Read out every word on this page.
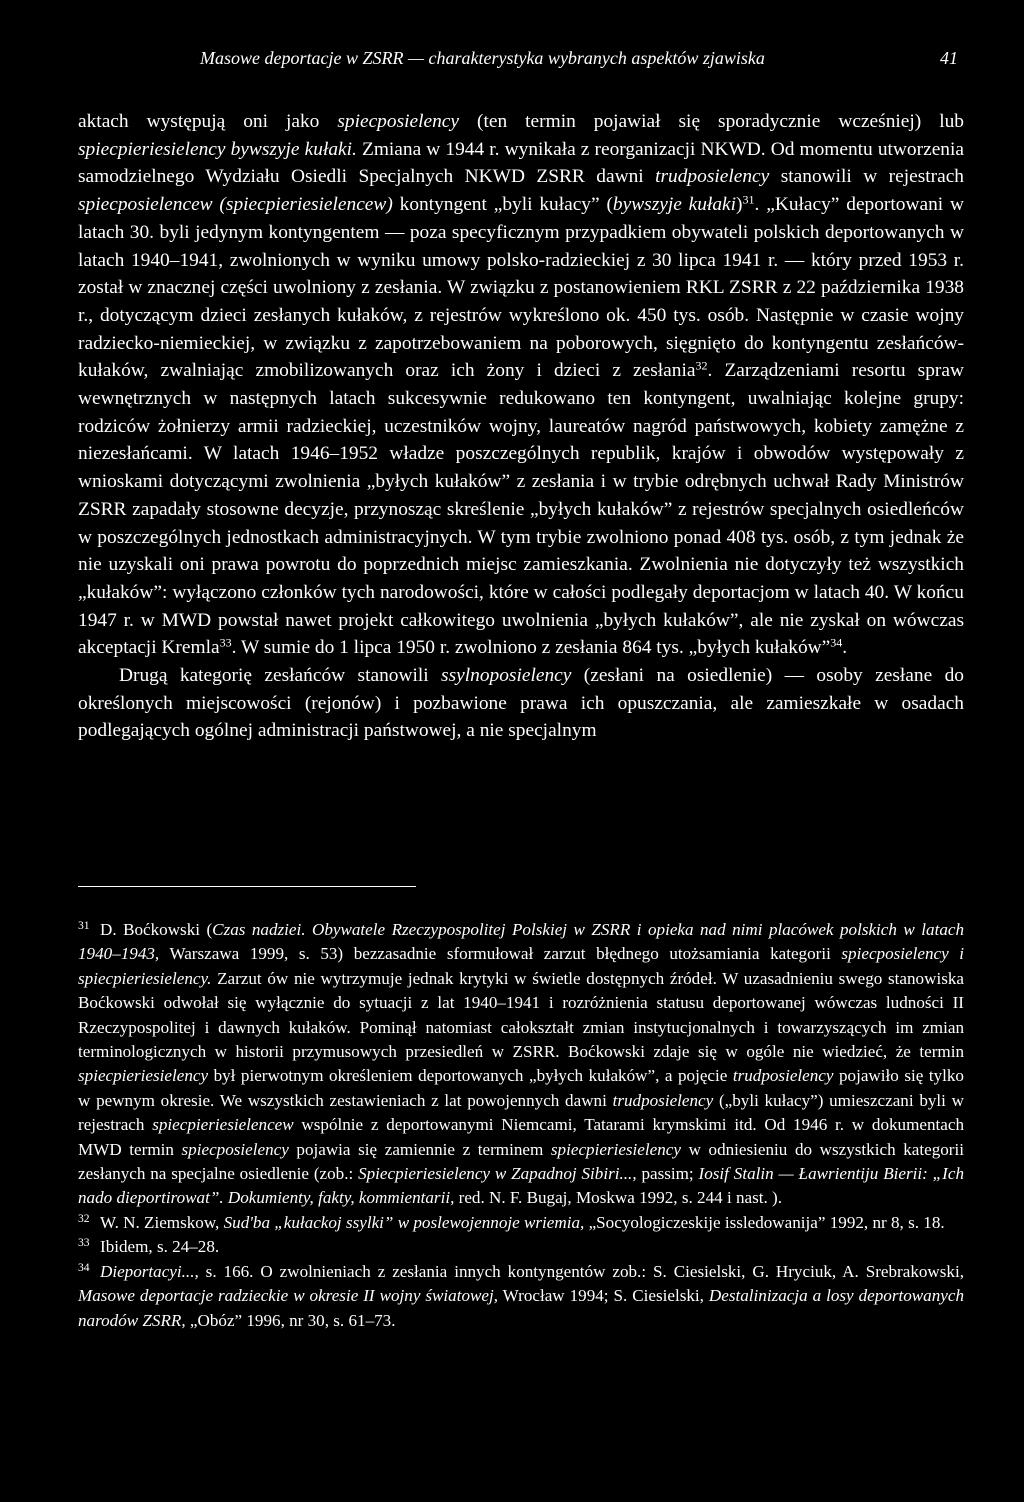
Masowe deportacje w ZSRR — charakterystyka wybranych aspektów zjawiska	41

aktach występują oni jako spiecposielency (ten termin pojawiał się sporadycznie wcześniej) lub spiecpieriesielency bywszyje kułaki. Zmiana w 1944 r. wynikała z reorganizacji NKWD. Od momentu utworzenia samodzielnego Wydziału Osiedli Specjalnych NKWD ZSRR dawni trudposielency stanowili w rejestrach spiecposielencew (spiecpieriesielencew) kontyngent „byli kułacy” (bywszyje kułaki)$^{31}$. „Kułacy” deportowani w latach 30. byli jedynym kontyngentem — poza specyficznym przypadkiem obywateli polskich deportowanych w latach 1940–1941, zwolnionych w wyniku umowy polsko-radzieckiej z 30 lipca 1941 r. — który przed 1953 r. został w znacznej części uwolniony z zesłania. W związku z postanowieniem RKL ZSRR z 22 października 1938 r., dotyczącym dzieci zesłanych kułaków, z rejestrów wykreślono ok. 450 tys. osób. Następnie w czasie wojny radziecko-niemieckiej, w związku z zapotrzebowaniem na poborowych, sięgnięto do kontyngentu zesłańców-kułaków, zwalniając zmobilizowanych oraz ich żony i dzieci z zesłania$^{32}$. Zarządzeniami resortu spraw wewnętrznych w następnych latach sukcesywnie redukowano ten kontyngent, uwalniając kolejne grupy: rodziców żołnierzy armii radzieckiej, uczestników wojny, laureatów nagród państwowych, kobiety zamężne z niezesłańcami. W latach 1946–1952 władze poszczególnych republik, krajów i obwodów występowały z wnioskami dotyczącymi zwolnienia „byłych kułaków” z zesłania i w trybie odrębnych uchwał Rady Ministrów ZSRR zapadały stosowne decyzje, przynosząc skreślenie „byłych kułaków” z rejestrów specjalnych osiedleńców w poszczególnych jednostkach administracyjnych. W tym trybie zwolniono ponad 408 tys. osób, z tym jednak że nie uzyskali oni prawa powrotu do poprzednich miejsc zamieszkania. Zwolnienia nie dotyczyły też wszystkich „kułaków”: wyłączono członków tych narodowości, które w całości podlegały deportacjom w latach 40. W końcu 1947 r. w MWD powstał nawet projekt całkowitego uwolnienia „byłych kułaków”, ale nie zyskał on wówczas akceptacji Kremla$^{33}$. W sumie do 1 lipca 1950 r. zwolniono z zesłania 864 tys. „byłych kułaków”$^{34}$.

Drugą kategorię zesłańców stanowili ssylnoposielency (zesłani na osiedlenie) — osoby zesłane do określonych miejscowości (rejonów) i pozbawione prawa ich opuszczania, ale zamieszkałe w osadach podlegających ogólnej administracji państwowej, a nie specjalnym

31 D. Boćkowski (Czas nadziei. Obywatele Rzeczypospolitej Polskiej w ZSRR i opieka nad nimi placówek polskich w latach 1940–1943, Warszawa 1999, s. 53) bezzasadnie sformułował zarzut błędnego utożsamiania kategorii spiecposielency i spiecpieriesielency. Zarzut ów nie wytrzymuje jednak krytyki w świetle dostępnych źródeł. W uzasadnieniu swego stanowiska Boćkowski odwołał się wyłącznie do sytuacji z lat 1940–1941 i rozróżnienia statusu deportowanej wówczas ludności II Rzeczypospolitej i dawnych kułaków. Pominął natomiast całokształt zmian instytucjonalnych i towarzyszących im zmian terminologicznych w historii przymusowych przesiedleń w ZSRR. Boćkowski zdaje się w ogóle nie wiedzieć, że termin spiecpieriesielency był pierwotnym określeniem deportowanych „byłych kułaków”, a pojęcie trudposielency pojawiło się tylko w pewnym okresie. We wszystkich zestawieniach z lat powojennych dawni trudposielency („byli kułacy”) umieszczani byli w rejestrach spiecpieriesielencew wspólnie z deportowanymi Niemcami, Tatarami krymskimi itd. Od 1946 r. w dokumentach MWD termin spiecposielency pojawia się zamiennie z terminem spiecpieriesielency w odniesieniu do wszystkich kategorii zesłanych na specjalne osiedlenie (zob.: Spiecpieriesielency w Zapadnoj Sibiri..., passim; Iosif Stalin — Ławrientiju Bierii: „Ich nado dieportirowat”. Dokumienty, fakty, kommientarii, red. N. F. Bugaj, Moskwa 1992, s. 244 i nast. ).

32 W. N. Ziemskow, Sud'ba „kułackoj ssylki” w poslewojennoje wriemia, „Socyologiczeskije issledowanija” 1992, nr 8, s. 18.

33 Ibidem, s. 24–28.

34 Dieportacyi..., s. 166. O zwolnieniach z zesłania innych kontyngentów zob.: S. Ciesielski, G. Hryciuk, A. Srebrakowski, Masowe deportacje radzieckie w okresie II wojny światowej, Wrocław 1994; S. Ciesielski, Destalinizacja a losy deportowanych narodów ZSRR, „Obóz” 1996, nr 30, s. 61–73.
